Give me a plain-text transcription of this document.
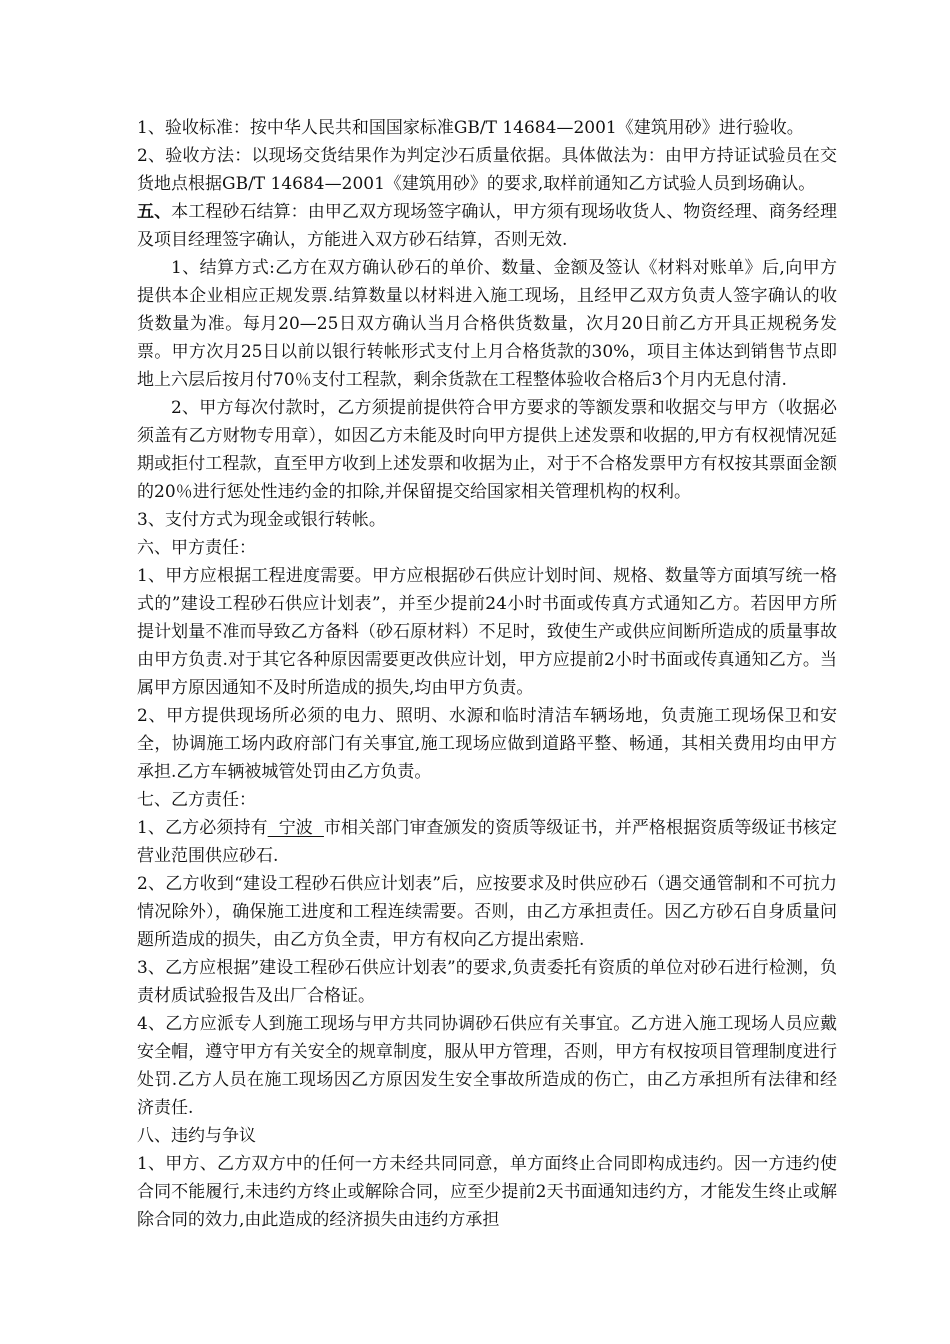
1、验收标准：按中华人民共和国国家标准GB/T 14684—2001《建筑用砂》进行验收。

2、验收方法：以现场交货结果作为判定沙石质量依据。具体做法为：由甲方持证试验员在交货地点根据GB/T 14684—2001《建筑用砂》的要求,取样前通知乙方试验人员到场确认。

五、本工程砂石结算：由甲乙双方现场签字确认，甲方须有现场收货人、物资经理、商务经理及项目经理签字确认，方能进入双方砂石结算，否则无效.

1、结算方式:乙方在双方确认砂石的单价、数量、金额及签认《材料对账单》后,向甲方提供本企业相应正规发票.结算数量以材料进入施工现场，且经甲乙双方负责人签字确认的收货数量为准。每月20—25日双方确认当月合格供货数量，次月20日前乙方开具正规税务发票。甲方次月25日以前以银行转帐形式支付上月合格货款的30%，项目主体达到销售节点即地上六层后按月付70％支付工程款，剩余货款在工程整体验收合格后3个月内无息付清.

2、甲方每次付款时，乙方须提前提供符合甲方要求的等额发票和收据交与甲方（收据必须盖有乙方财物专用章），如因乙方未能及时向甲方提供上述发票和收据的,甲方有权视情况延期或拒付工程款，直至甲方收到上述发票和收据为止，对于不合格发票甲方有权按其票面金额的20％进行惩处性违约金的扣除,并保留提交给国家相关管理机构的权利。

3、支付方式为现金或银行转帐。

六、甲方责任：

1、甲方应根据工程进度需要。甲方应根据砂石供应计划时间、规格、数量等方面填写统一格式的”建设工程砂石供应计划表”，并至少提前24小时书面或传真方式通知乙方。若因甲方所提计划量不准而导致乙方备料（砂石原材料）不足时，致使生产或供应间断所造成的质量事故由甲方负责.对于其它各种原因需要更改供应计划，甲方应提前2小时书面或传真通知乙方。当属甲方原因通知不及时所造成的损失,均由甲方负责。

2、甲方提供现场所必须的电力、照明、水源和临时清洁车辆场地，负责施工现场保卫和安全，协调施工场内政府部门有关事宜,施工现场应做到道路平整、畅通，其相关费用均由甲方承担.乙方车辆被城管处罚由乙方负责。

七、乙方责任：

1、乙方必须持有  宁波  市相关部门审查颁发的资质等级证书，并严格根据资质等级证书核定营业范围供应砂石.

2、乙方收到“建设工程砂石供应计划表”后，应按要求及时供应砂石（遇交通管制和不可抗力情况除外），确保施工进度和工程连续需要。否则，由乙方承担责任。因乙方砂石自身质量问题所造成的损失，由乙方负全责，甲方有权向乙方提出索赔.

3、乙方应根据”建设工程砂石供应计划表”的要求,负责委托有资质的单位对砂石进行检测，负责材质试验报告及出厂合格证。

4、乙方应派专人到施工现场与甲方共同协调砂石供应有关事宜。乙方进入施工现场人员应戴安全帽，遵守甲方有关安全的规章制度，服从甲方管理，否则，甲方有权按项目管理制度进行处罚.乙方人员在施工现场因乙方原因发生安全事故所造成的伤亡，由乙方承担所有法律和经济责任.

八、违约与争议

1、甲方、乙方双方中的任何一方未经共同同意，单方面终止合同即构成违约。因一方违约使合同不能履行,未违约方终止或解除合同，应至少提前2天书面通知违约方，才能发生终止或解除合同的效力,由此造成的经济损失由违约方承担
